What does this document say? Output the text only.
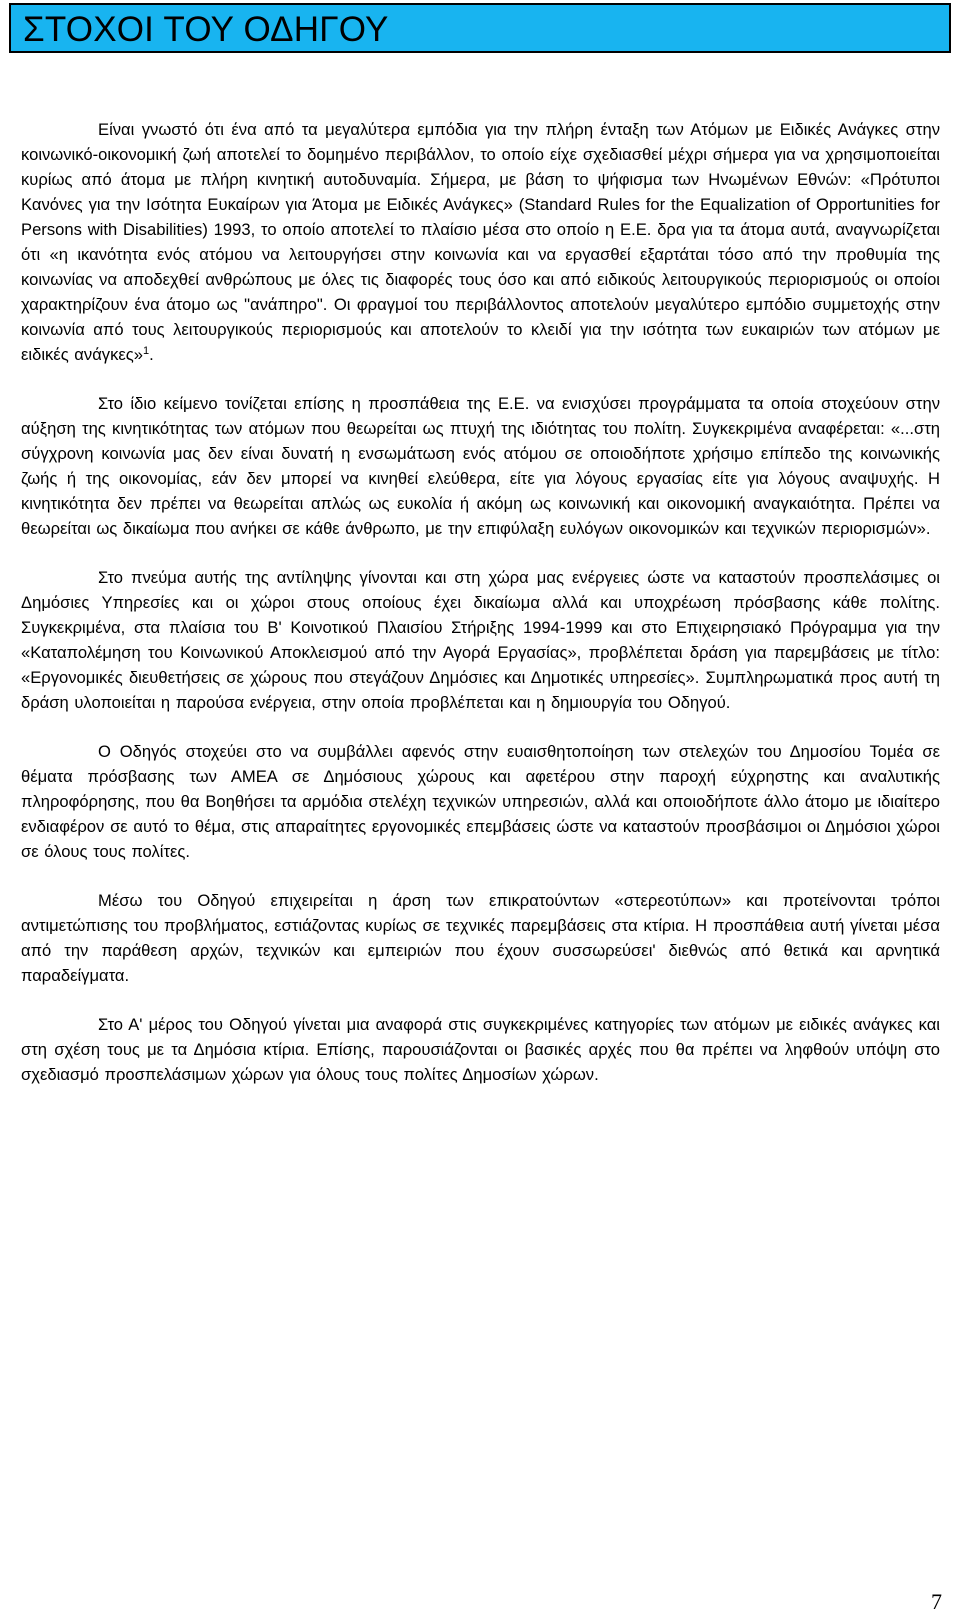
ΣΤΟΧΟΙ ΤΟΥ ΟΔΗΓΟΥ

Είναι γνωστό ότι ένα από τα μεγαλύτερα εμπόδια για την πλήρη ένταξη των Ατόμων με Ειδικές Ανάγκες στην κοινωνικό-οικονομική ζωή αποτελεί το δομημένο περιβάλλον, το οποίο είχε σχεδιασθεί μέχρι σήμερα για να χρησιμοποιείται κυρίως από άτομα με πλήρη κινητική αυτοδυναμία. Σήμερα, με βάση το ψήφισμα των Ηνωμένων Εθνών: «Πρότυποι Κανόνες για την Ισότητα Ευκαίρων για Άτομα με Ειδικές Ανάγκες» (Standard Rules for the Equalization of Opportunities for Persons with Disabilities) 1993, το οποίο αποτελεί το πλαίσιο μέσα στο οποίο η Ε.Ε. δρα για τα άτομα αυτά, αναγνωρίζεται ότι «η ικανότητα ενός ατόμου να λειτουργήσει στην κοινωνία και να εργασθεί εξαρτάται τόσο από την προθυμία της κοινωνίας να αποδεχθεί ανθρώπους με όλες τις διαφορές τους όσο και από ειδικούς λειτουργικούς περιορισμούς οι οποίοι χαρακτηρίζουν ένα άτομο ως "ανάπηρο". Οι φραγμοί του περιβάλλοντος αποτελούν μεγαλύτερο εμπόδιο συμμετοχής στην κοινωνία από τους λειτουργικούς περιορισμούς και αποτελούν το κλειδί για την ισότητα των ευκαιριών των ατόμων με ειδικές ανάγκες»$^1$.

Στο ίδιο κείμενο τονίζεται επίσης η προσπάθεια της Ε.Ε. να ενισχύσει προγράμματα τα οποία στοχεύουν στην αύξηση της κινητικότητας των ατόμων που θεωρείται ως πτυχή της ιδιότητας του πολίτη. Συγκεκριμένα αναφέρεται: «...στη σύγχρονη κοινωνία μας δεν είναι δυνατή η ενσωμάτωση ενός ατόμου σε οποιοδήποτε χρήσιμο επίπεδο της κοινωνικής ζωής ή της οικονομίας, εάν δεν μπορεί να κινηθεί ελεύθερα, είτε για λόγους εργασίας είτε για λόγους αναψυχής. Η κινητικότητα δεν πρέπει να θεωρείται απλώς ως ευκολία ή ακόμη ως κοινωνική και οικονομική αναγκαιότητα. Πρέπει να θεωρείται ως δικαίωμα που ανήκει σε κάθε άνθρωπο, με την επιφύλαξη ευλόγων οικονομικών και τεχνικών περιορισμών».

Στο πνεύμα αυτής της αντίληψης γίνονται και στη χώρα μας ενέργειες ώστε να καταστούν προσπελάσιμες οι Δημόσιες Υπηρεσίες και οι χώροι στους οποίους έχει δικαίωμα αλλά και υποχρέωση πρόσβασης κάθε πολίτης. Συγκεκριμένα, στα πλαίσια του Β' Κοινοτικού Πλαισίου Στήριξης 1994-1999 και στο Επιχειρησιακό Πρόγραμμα για την «Καταπολέμηση του Κοινωνικού Αποκλεισμού από την Αγορά Εργασίας», προβλέπεται δράση για παρεμβάσεις με τίτλο: «Εργονομικές διευθετήσεις σε χώρους που στεγάζουν Δημόσιες και Δημοτικές υπηρεσίες». Συμπληρωματικά προς αυτή τη δράση υλοποιείται η παρούσα ενέργεια, στην οποία προβλέπεται και η δημιουργία του Οδηγού.

Ο Οδηγός στοχεύει στο να συμβάλλει αφενός στην ευαισθητοποίηση των στελεχών του Δημοσίου Τομέα σε θέματα πρόσβασης των ΑΜΕΑ σε Δημόσιους χώρους και αφετέρου στην παροχή εύχρηστης και αναλυτικής πληροφόρησης, που θα Βοηθήσει τα αρμόδια στελέχη τεχνικών υπηρεσιών, αλλά και οποιοδήποτε άλλο άτομο με ιδιαίτερο ενδιαφέρον σε αυτό το θέμα, στις απαραίτητες εργονομικές επεμβάσεις ώστε να καταστούν προσβάσιμοι οι Δημόσιοι χώροι σε όλους τους πολίτες.

Μέσω του Οδηγού επιχειρείται η άρση των επικρατούντων «στερεοτύπων» και προτείνονται τρόποι αντιμετώπισης του προβλήματος, εστιάζοντας κυρίως σε τεχνικές παρεμβάσεις στα κτίρια. Η προσπάθεια αυτή γίνεται μέσα από την παράθεση αρχών, τεχνικών και εμπειριών που έχουν συσσωρεύσει' διεθνώς από θετικά και αρνητικά παραδείγματα.

Στο Α' μέρος του Οδηγού γίνεται μια αναφορά στις συγκεκριμένες κατηγορίες των ατόμων με ειδικές ανάγκες και στη σχέση τους με τα Δημόσια κτίρια. Επίσης, παρουσιάζονται οι βασικές αρχές που θα πρέπει να ληφθούν υπόψη στο σχεδιασμό προσπελάσιμων χώρων για όλους τους πολίτες Δημοσίων χώρων.

7
